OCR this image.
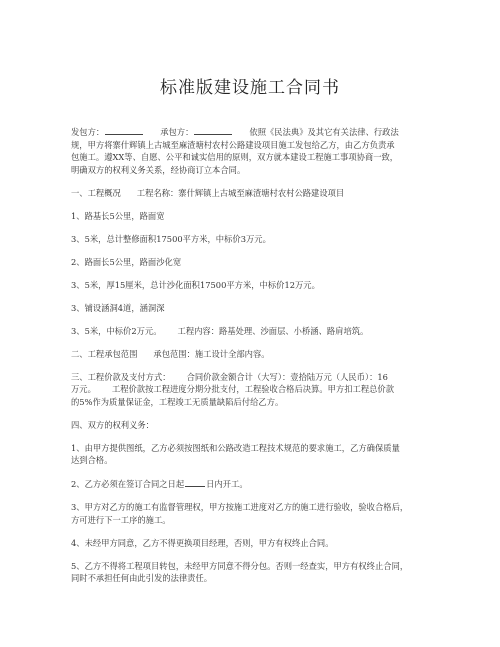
标准版建设施工合同书
发包方：	承包方：	依照《民法典》及其它有关法律、行政法
规，甲方将寨什辉镇上古城至麻渣塘村农村公路建设项目施工发包给乙方，由乙方负责承
包施工。遵XX等、自愿、公平和诚实信用的原则，双方就本建设工程施工事项协商一致，
明确双方的权利义务关系，经协商订立本合同。
一、工程概况 工程名称：寨什辉镇上古城至麻渣塘村农村公路建设项目
1、路基长5公里，路面宽
3、5米，总计整修面积17500平方米，中标价3万元。
2、路面长5公里，路面沙化宽
3、5米，厚15厘米，总计沙化面积17500平方米，中标价12万元。
3、铺设涵洞4道，涵洞深
3、5米，中标价2万元。 工程内容：路基处理、沙面层、小桥涵、路肩培筑。
二、工程承包范围 承包范围：施工设计全部内容。
三、工程价款及支付方式： 合同价款金额合计（大写）：壹拾陆万元（人民币）：16
万元。 工程价款按工程进度分期分批支付，工程验收合格后决算。甲方扣工程总价款
的5%作为质量保证金，工程竣工无质量缺陷后付给乙方。
四、双方的权利义务：
1、由甲方提供图纸，乙方必须按图纸和公路改造工程技术规范的要求施工，乙方确保质量
达到合格。
2、乙方必须在签订合同之日起	日内开工。
3、甲方对乙方的施工有监督管理权，甲方按施工进度对乙方的施工进行验收，验收合格后，
方可进行下一工序的施工。
4、未经甲方同意，乙方不得更换项目经理，否则，甲方有权终止合同。
5、乙方不得将工程项目转包，未经甲方同意不得分包。否则一经查实，甲方有权终止合同，
同时不承担任何由此引发的法律责任。
